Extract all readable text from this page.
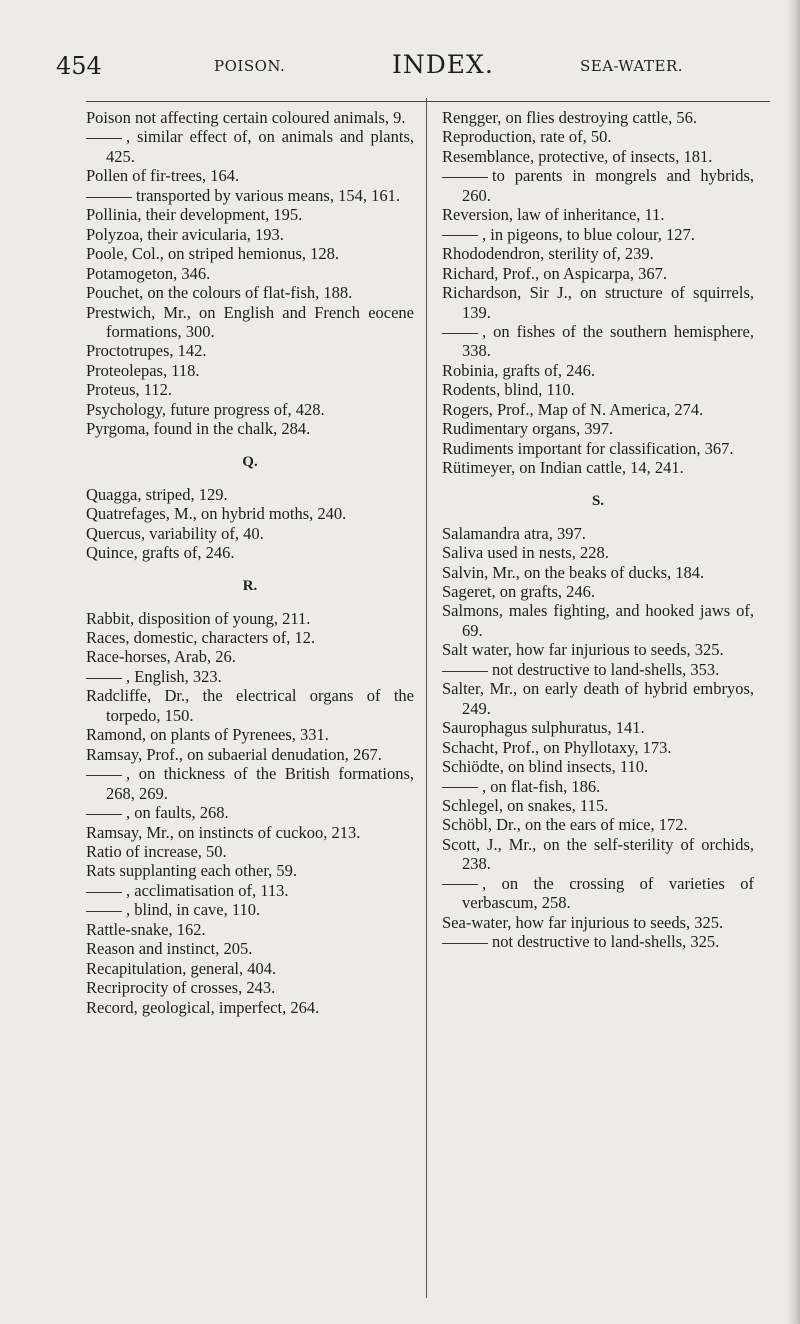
454	POISON.	INDEX.	SEA-WATER.
Poison not affecting certain coloured animals, 9.
, similar effect of, on animals and plants, 425.
Pollen of fir-trees, 164.
transported by various means, 154, 161.
Pollinia, their development, 195.
Polyzoa, their avicularia, 193.
Poole, Col., on striped hemionus, 128.
Potamogeton, 346.
Pouchet, on the colours of flat-fish, 188.
Prestwich, Mr., on English and French eocene formations, 300.
Proctotrupes, 142.
Proteolepas, 118.
Proteus, 112.
Psychology, future progress of, 428.
Pyrgoma, found in the chalk, 284.
Q.
Quagga, striped, 129.
Quatrefages, M., on hybrid moths, 240.
Quercus, variability of, 40.
Quince, grafts of, 246.
R.
Rabbit, disposition of young, 211.
Races, domestic, characters of, 12.
Race-horses, Arab, 26.
, English, 323.
Radcliffe, Dr., the electrical organs of the torpedo, 150.
Ramond, on plants of Pyrenees, 331.
Ramsay, Prof., on subaerial denudation, 267.
, on thickness of the British formations, 268, 269.
, on faults, 268.
Ramsay, Mr., on instincts of cuckoo, 213.
Ratio of increase, 50.
Rats supplanting each other, 59.
, acclimatisation of, 113.
, blind, in cave, 110.
Rattle-snake, 162.
Reason and instinct, 205.
Recapitulation, general, 404.
Recriprocity of crosses, 243.
Record, geological, imperfect, 264.
Rengger, on flies destroying cattle, 56.
Reproduction, rate of, 50.
Resemblance, protective, of insects, 181.
to parents in mongrels and hybrids, 260.
Reversion, law of inheritance, 11.
, in pigeons, to blue colour, 127.
Rhododendron, sterility of, 239.
Richard, Prof., on Aspicarpa, 367.
Richardson, Sir J., on structure of squirrels, 139.
, on fishes of the southern hemisphere, 338.
Robinia, grafts of, 246.
Rodents, blind, 110.
Rogers, Prof., Map of N. America, 274.
Rudimentary organs, 397.
Rudiments important for classification, 367.
Rütimeyer, on Indian cattle, 14, 241.
S.
Salamandra atra, 397.
Saliva used in nests, 228.
Salvin, Mr., on the beaks of ducks, 184.
Sageret, on grafts, 246.
Salmons, males fighting, and hooked jaws of, 69.
Salt water, how far injurious to seeds, 325.
not destructive to land-shells, 353.
Salter, Mr., on early death of hybrid embryos, 249.
Saurophagus sulphuratus, 141.
Schacht, Prof., on Phyllotaxy, 173.
Schiödte, on blind insects, 110.
, on flat-fish, 186.
Schlegel, on snakes, 115.
Schöbl, Dr., on the ears of mice, 172.
Scott, J., Mr., on the self-sterility of orchids, 238.
, on the crossing of varieties of verbascum, 258.
Sea-water, how far injurious to seeds, 325.
not destructive to land-shells, 325.
